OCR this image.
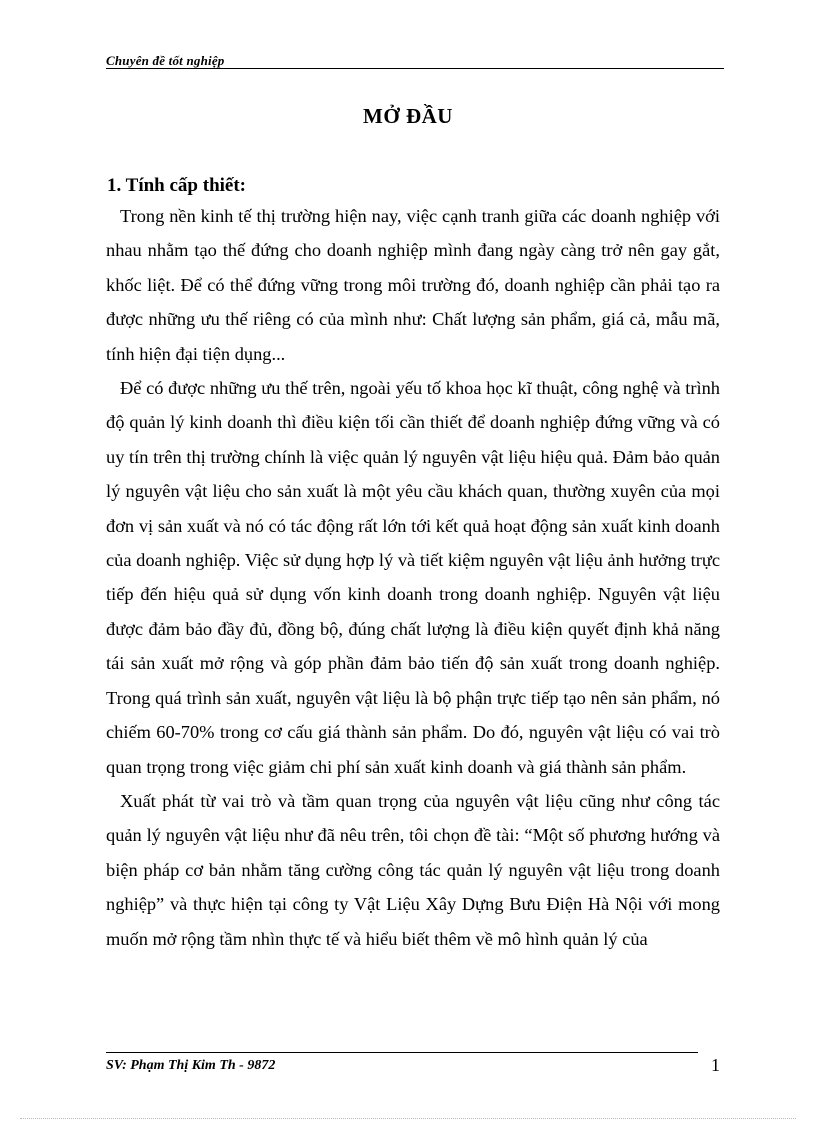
Chuyên đề tốt nghiệp
MỞ ĐẦU
1. Tính cấp thiết:

Trong nền kinh tế thị trường hiện nay, việc cạnh tranh giữa các doanh nghiệp với nhau nhằm tạo thế đứng cho doanh nghiệp mình đang ngày càng trở nên gay gắt, khốc liệt. Để có thể đứng vững trong môi trường đó, doanh nghiệp cần phải tạo ra được những ưu thế riêng có của mình như: Chất lượng sản phẩm, giá cả, mẫu mã, tính hiện đại tiện dụng...

Để có được những ưu thế trên, ngoài yếu tố khoa học kĩ thuật, công nghệ và trình độ quản lý kinh doanh thì điều kiện tối cần thiết để doanh nghiệp đứng vững và có uy tín trên thị trường chính là việc quản lý nguyên vật liệu hiệu quả. Đảm bảo quản lý nguyên vật liệu cho sản xuất là một yêu cầu khách quan, thường xuyên của mọi đơn vị sản xuất và nó có tác động rất lớn tới kết quả hoạt động sản xuất kinh doanh của doanh nghiệp. Việc sử dụng hợp lý và tiết kiệm nguyên vật liệu ảnh hưởng trực tiếp đến hiệu quả sử dụng vốn kinh doanh trong doanh nghiệp. Nguyên vật liệu được đảm bảo đầy đủ, đồng bộ, đúng chất lượng là điều kiện quyết định khả năng tái sản xuất mở rộng và góp phần đảm bảo tiến độ sản xuất trong doanh nghiệp. Trong quá trình sản xuất, nguyên vật liệu là bộ phận trực tiếp tạo nên sản phẩm, nó chiếm 60-70% trong cơ cấu giá thành sản phẩm. Do đó, nguyên vật liệu có vai trò quan trọng trong việc giảm chi phí sản xuất kinh doanh và giá thành sản phẩm.

Xuất phát từ vai trò và tầm quan trọng của nguyên vật liệu cũng như công tác quản lý nguyên vật liệu như đã nêu trên, tôi chọn đề tài: “Một số phương hướng và biện pháp cơ bản nhằm tăng cường công tác quản lý nguyên vật liệu trong doanh nghiệp” và thực hiện tại công ty Vật Liệu Xây Dựng Bưu Điện Hà Nội với mong muốn mở rộng tầm nhìn thực tế và hiểu biết thêm về mô hình quản lý của

SV: Phạm Thị Kim Th - 9872	1
